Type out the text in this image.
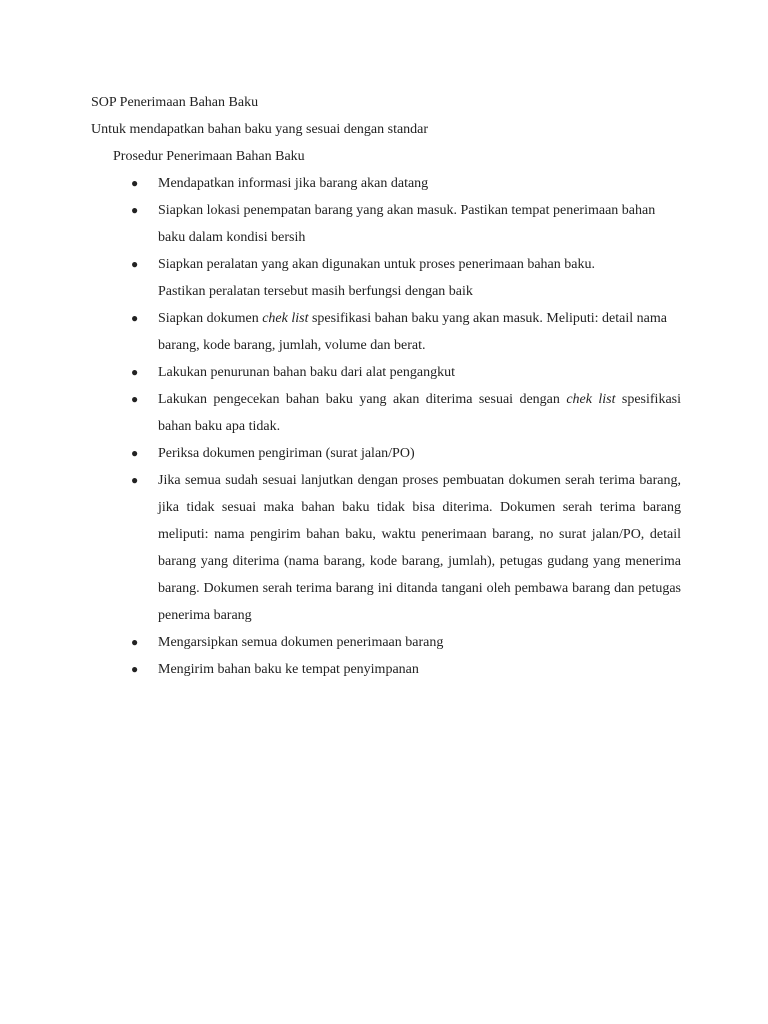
SOP Penerimaan Bahan Baku

Untuk mendapatkan bahan baku yang sesuai dengan standar

Prosedur Penerimaan Bahan Baku

● Mendapatkan informasi jika barang akan datang
● Siapkan lokasi penempatan barang yang akan masuk. Pastikan tempat penerimaan bahan baku dalam kondisi bersih
● Siapkan peralatan yang akan digunakan untuk proses penerimaan bahan baku. Pastikan peralatan tersebut masih berfungsi dengan baik
● Siapkan dokumen chek list spesifikasi bahan baku yang akan masuk. Meliputi: detail nama barang, kode barang, jumlah, volume dan berat.
● Lakukan penurunan bahan baku dari alat pengangkut
● Lakukan pengecekan bahan baku yang akan diterima sesuai dengan chek list spesifikasi bahan baku apa tidak.
● Periksa dokumen pengiriman (surat jalan/PO)
● Jika semua sudah sesuai lanjutkan dengan proses pembuatan dokumen serah terima barang, jika tidak sesuai maka bahan baku tidak bisa diterima. Dokumen serah terima barang meliputi: nama pengirim bahan baku, waktu penerimaan barang, no surat jalan/PO, detail barang yang diterima (nama barang, kode barang, jumlah), petugas gudang yang menerima barang. Dokumen serah terima barang ini ditanda tangani oleh pembawa barang dan petugas penerima barang
● Mengarsipkan semua dokumen penerimaan barang
● Mengirim bahan baku ke tempat penyimpanan
